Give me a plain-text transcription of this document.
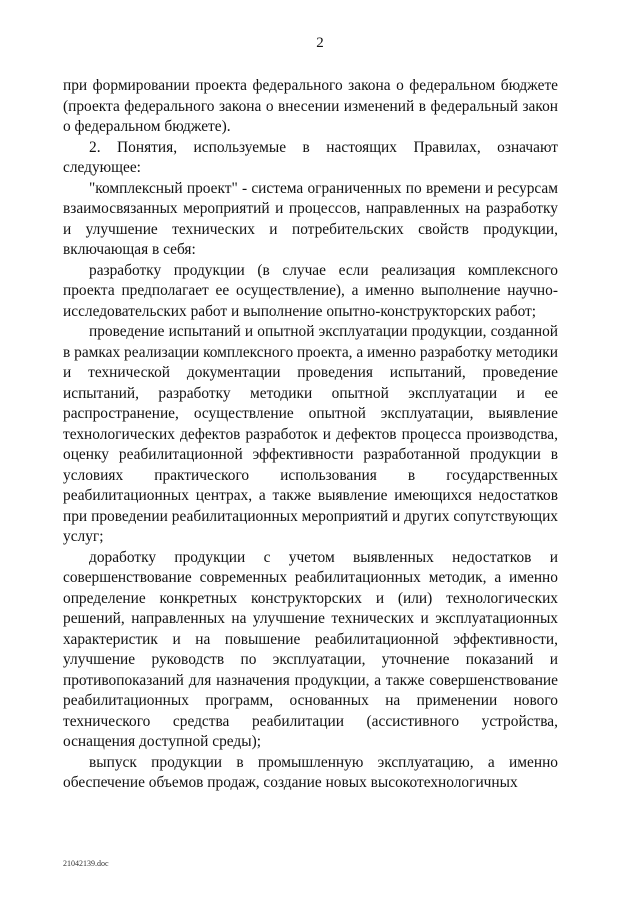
2

при формировании проекта федерального закона о федеральном бюджете (проекта федерального закона о внесении изменений в федеральный закон о федеральном бюджете).

2. Понятия, используемые в настоящих Правилах, означают следующее:

"комплексный проект" - система ограниченных по времени и ресурсам взаимосвязанных мероприятий и процессов, направленных на разработку и улучшение технических и потребительских свойств продукции, включающая в себя:

разработку продукции (в случае если реализация комплексного проекта предполагает ее осуществление), а именно выполнение научно-исследовательских работ и выполнение опытно-конструкторских работ;

проведение испытаний и опытной эксплуатации продукции, созданной в рамках реализации комплексного проекта, а именно разработку методики и технической документации проведения испытаний, проведение испытаний, разработку методики опытной эксплуатации и ее распространение, осуществление опытной эксплуатации, выявление технологических дефектов разработок и дефектов процесса производства, оценку реабилитационной эффективности разработанной продукции в условиях практического использования в государственных реабилитационных центрах, а также выявление имеющихся недостатков при проведении реабилитационных мероприятий и других сопутствующих услуг;

доработку продукции с учетом выявленных недостатков и совершенствование современных реабилитационных методик, а именно определение конкретных конструкторских и (или) технологических решений, направленных на улучшение технических и эксплуатационных характеристик и на повышение реабилитационной эффективности, улучшение руководств по эксплуатации, уточнение показаний и противопоказаний для назначения продукции, а также совершенствование реабилитационных программ, основанных на применении нового технического средства реабилитации (ассистивного устройства, оснащения доступной среды);

выпуск продукции в промышленную эксплуатацию, а именно обеспечение объемов продаж, создание новых высокотехнологичных

21042139.doc
